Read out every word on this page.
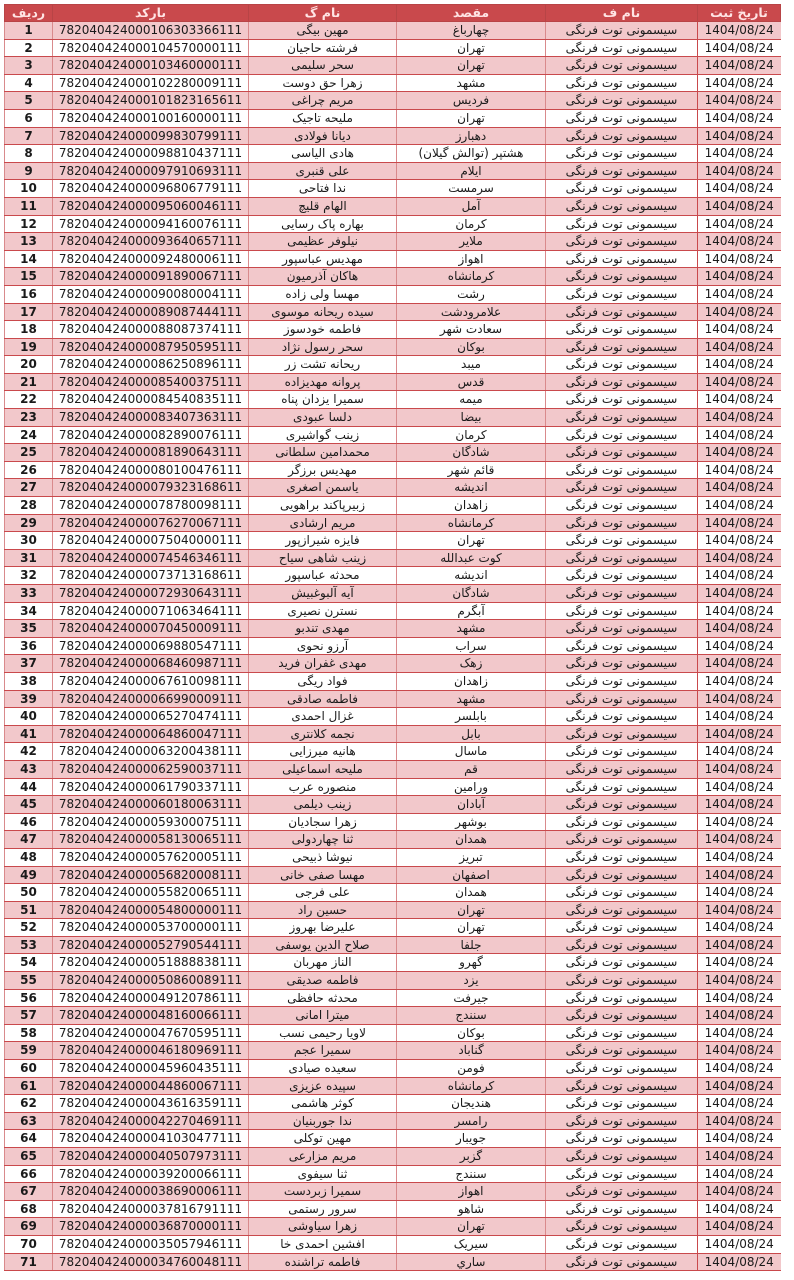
تاریخ ثبت	نام ف	مقصد	نام گ	بارکد	ردیف
1404/08/24	سیسمونی توت فرنگی	چهارباغ	مهین بیگی	782040424000106303366111	1
1404/08/24	سیسمونی توت فرنگی	تهران	فرشته حاجیان	782040424000104570000111	2
1404/08/24	سیسمونی توت فرنگی	تهران	سحر سلیمی	782040424000103460000111	3
1404/08/24	سیسمونی توت فرنگی	مشهد	زهرا حق دوست	782040424000102280009111	4
1404/08/24	سیسمونی توت فرنگی	فردیس	مریم چراغی	782040424000101823165611	5
1404/08/24	سیسمونی توت فرنگی	تهران	ملیحه تاجیک	782040424000100160000111	6
1404/08/24	سیسمونی توت فرنگی	دهبارز	دیانا فولادی	782040424000099830799111	7
1404/08/24	سیسمونی توت فرنگی	هشتپر (توالش گیلان)	هادی الیاسی	782040424000098810437111	8
1404/08/24	سیسمونی توت فرنگی	ایلام	علی قنبری	782040424000097910693111	9
1404/08/24	سیسمونی توت فرنگی	سرمست	ندا فتاحی	782040424000096806779111	10
1404/08/24	سیسمونی توت فرنگی	آمل	الهام قلیچ	782040424000095060046111	11
1404/08/24	سیسمونی توت فرنگی	کرمان	بهاره پاک رسایی	782040424000094160076111	12
1404/08/24	سیسمونی توت فرنگی	ملایر	نیلوفر عظیمی	782040424000093640657111	13
1404/08/24	سیسمونی توت فرنگی	اهواز	مهدیس عباسپور	782040424000092480006111	14
1404/08/24	سیسمونی توت فرنگی	کرمانشاه	هاکان آذرمیون	782040424000091890067111	15
1404/08/24	سیسمونی توت فرنگی	رشت	مهسا ولی زاده	782040424000090080004111	16
1404/08/24	سیسمونی توت فرنگی	علامرودشت	سیده ریحانه موسوی	782040424000089087444111	17
1404/08/24	سیسمونی توت فرنگی	سعادت شهر	فاطمه خودسوز	782040424000088087374111	18
1404/08/24	سیسمونی توت فرنگی	بوکان	سحر رسول نژاد	782040424000087950595111	19
1404/08/24	سیسمونی توت فرنگی	میبد	ریحانه تشت زر	782040424000086250896111	20
1404/08/24	سیسمونی توت فرنگی	قدس	پروانه مهدیزاده	782040424000085400375111	21
1404/08/24	سیسمونی توت فرنگی	میمه	سمیرا یزدان پناه	782040424000084540835111	22
1404/08/24	سیسمونی توت فرنگی	بیضا	دلسا عبودی	782040424000083407363111	23
1404/08/24	سیسمونی توت فرنگی	کرمان	زینب گواشیری	782040424000082890076111	24
1404/08/24	سیسمونی توت فرنگی	شادگان	محمدامین سلطانی	782040424000081890643111	25
1404/08/24	سیسمونی توت فرنگی	قائم شهر	مهدیس برزگر	782040424000080100476111	26
1404/08/24	سیسمونی توت فرنگی	اندیشه	یاسمن اصغری	782040424000079323168611	27
1404/08/24	سیسمونی توت فرنگی	زاهدان	زبیرپاکند براهویی	782040424000078780098111	28
1404/08/24	سیسمونی توت فرنگی	کرمانشاه	مریم ارشادی	782040424000076270067111	29
1404/08/24	سیسمونی توت فرنگی	تهران	فایزه شیرازپور	782040424000075040000111	30
1404/08/24	سیسمونی توت فرنگی	کوت عبدالله	زینب شاهی سیاح	782040424000074546346111	31
1404/08/24	سیسمونی توت فرنگی	اندیشه	محدثه عباسپور	782040424000073713168611	32
1404/08/24	سیسمونی توت فرنگی	شادگان	آیه آلبوغبیش	782040424000072930643111	33
1404/08/24	سیسمونی توت فرنگی	آبگرم	نسترن نصیری	782040424000071063464111	34
1404/08/24	سیسمونی توت فرنگی	مشهد	مهدی تندبو	782040424000070450009111	35
1404/08/24	سیسمونی توت فرنگی	سراب	آرزو نحوی	782040424000069880547111	36
1404/08/24	سیسمونی توت فرنگی	زهک	مهدی غفران فرید	782040424000068460987111	37
1404/08/24	سیسمونی توت فرنگی	زاهدان	فواد ریگی	782040424000067610098111	38
1404/08/24	سیسمونی توت فرنگی	مشهد	فاطمه صادقی	782040424000066990009111	39
1404/08/24	سیسمونی توت فرنگی	بابلسر	غزال احمدی	782040424000065270474111	40
1404/08/24	سیسمونی توت فرنگی	بابل	نجمه کلانتری	782040424000064860047111	41
1404/08/24	سیسمونی توت فرنگی	ماسال	هانیه میرزایی	782040424000063200438111	42
1404/08/24	سیسمونی توت فرنگی	قم	ملیحه اسماعیلی	782040424000062590037111	43
1404/08/24	سیسمونی توت فرنگی	ورامین	منصوره عرب	782040424000061790337111	44
1404/08/24	سیسمونی توت فرنگی	آبادان	زینب دیلمی	782040424000060180063111	45
1404/08/24	سیسمونی توت فرنگی	بوشهر	زهرا سجادیان	782040424000059300075111	46
1404/08/24	سیسمونی توت فرنگی	همدان	ثنا چهاردولی	782040424000058130065111	47
1404/08/24	سیسمونی توت فرنگی	تبریز	نیوشا ذبیحی	782040424000057620005111	48
1404/08/24	سیسمونی توت فرنگی	اصفهان	مهسا صفی خانی	782040424000056820008111	49
1404/08/24	سیسمونی توت فرنگی	همدان	علی فرجی	782040424000055820065111	50
1404/08/24	سیسمونی توت فرنگی	تهران	حسین راد	782040424000054800000111	51
1404/08/24	سیسمونی توت فرنگی	تهران	علیرضا بهروز	782040424000053700000111	52
1404/08/24	سیسمونی توت فرنگی	جلفا	صلاح الدین یوسفی	782040424000052790544111	53
1404/08/24	سیسمونی توت فرنگی	گهرو	الناز مهربان	782040424000051888838111	54
1404/08/24	سیسمونی توت فرنگی	یزد	فاطمه صدیقی	782040424000050860089111	55
1404/08/24	سیسمونی توت فرنگی	جیرفت	محدثه حافظی	782040424000049120786111	56
1404/08/24	سیسمونی توت فرنگی	سنندج	میترا امانی	782040424000048160066111	57
1404/08/24	سیسمونی توت فرنگی	بوکان	لاویا رحیمی نسب	782040424000047670595111	58
1404/08/24	سیسمونی توت فرنگی	گناباد	سمیرا عجم	782040424000046180969111	59
1404/08/24	سیسمونی توت فرنگی	فومن	سعیده صیادی	782040424000045960435111	60
1404/08/24	سیسمونی توت فرنگی	کرمانشاه	سپیده عزیزی	782040424000044860067111	61
1404/08/24	سیسمونی توت فرنگی	هندیجان	کوثر هاشمی	782040424000043616359111	62
1404/08/24	سیسمونی توت فرنگی	رامسر	ندا جوربنیان	782040424000042270469111	63
1404/08/24	سیسمونی توت فرنگی	جویبار	مهین توکلی	782040424000041030477111	64
1404/08/24	سیسمونی توت فرنگی	گزبر	مریم مزارعی	782040424000040507973111	65
1404/08/24	سیسمونی توت فرنگی	سنندج	ثنا سیفوی	782040424000039200066111	66
1404/08/24	سیسمونی توت فرنگی	اهواز	سمیرا زبردست	782040424000038690006111	67
1404/08/24	سیسمونی توت فرنگی	شاهو	سرور رستمی	782040424000037816791111	68
1404/08/24	سیسمونی توت فرنگی	تهران	زهرا سیاوشی	782040424000036870000111	69
1404/08/24	سیسمونی توت فرنگی	سیریک	افشین احمدی خا	782040424000035057946111	70
1404/08/24	سیسمونی توت فرنگی	ساري	فاطمه تراشنده	782040424000034760048111	71
